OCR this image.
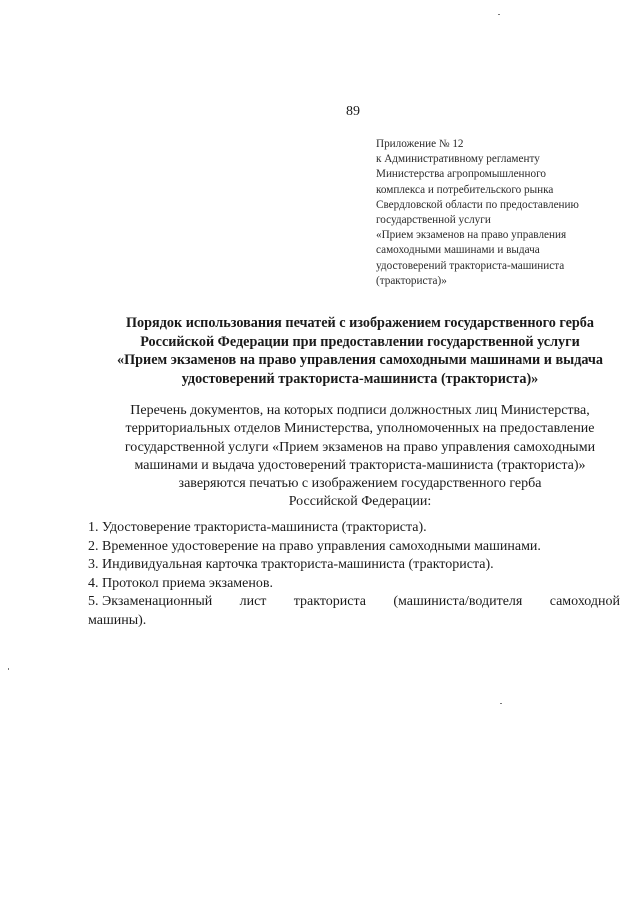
89
Приложение № 12
к Административному регламенту
Министерства агропромышленного
комплекса и потребительского рынка
Свердловской области по предоставлению
государственной услуги
«Прием экзаменов на право управления
самоходными машинами и выдача
удостоверений тракториста-машиниста
(тракториста)»
Порядок использования печатей с изображением государственного герба
Российской Федерации при предоставлении государственной услуги
«Прием экзаменов на право управления самоходными машинами и выдача
удостоверений тракториста-машиниста (тракториста)»
Перечень документов, на которых подписи должностных лиц Министерства,
территориальных отделов Министерства, уполномоченных на предоставление
государственной услуги «Прием экзаменов на право управления самоходными
машинами и выдача удостоверений тракториста-машиниста (тракториста)»
заверяются печатью с изображением государственного герба
Российской Федерации:
1. Удостоверение тракториста-машиниста (тракториста).
2. Временное удостоверение на право управления самоходными машинами.
3. Индивидуальная карточка тракториста-машиниста (тракториста).
4. Протокол приема экзаменов.
5. Экзаменационный лист тракториста (машиниста/водителя самоходной
машины).
